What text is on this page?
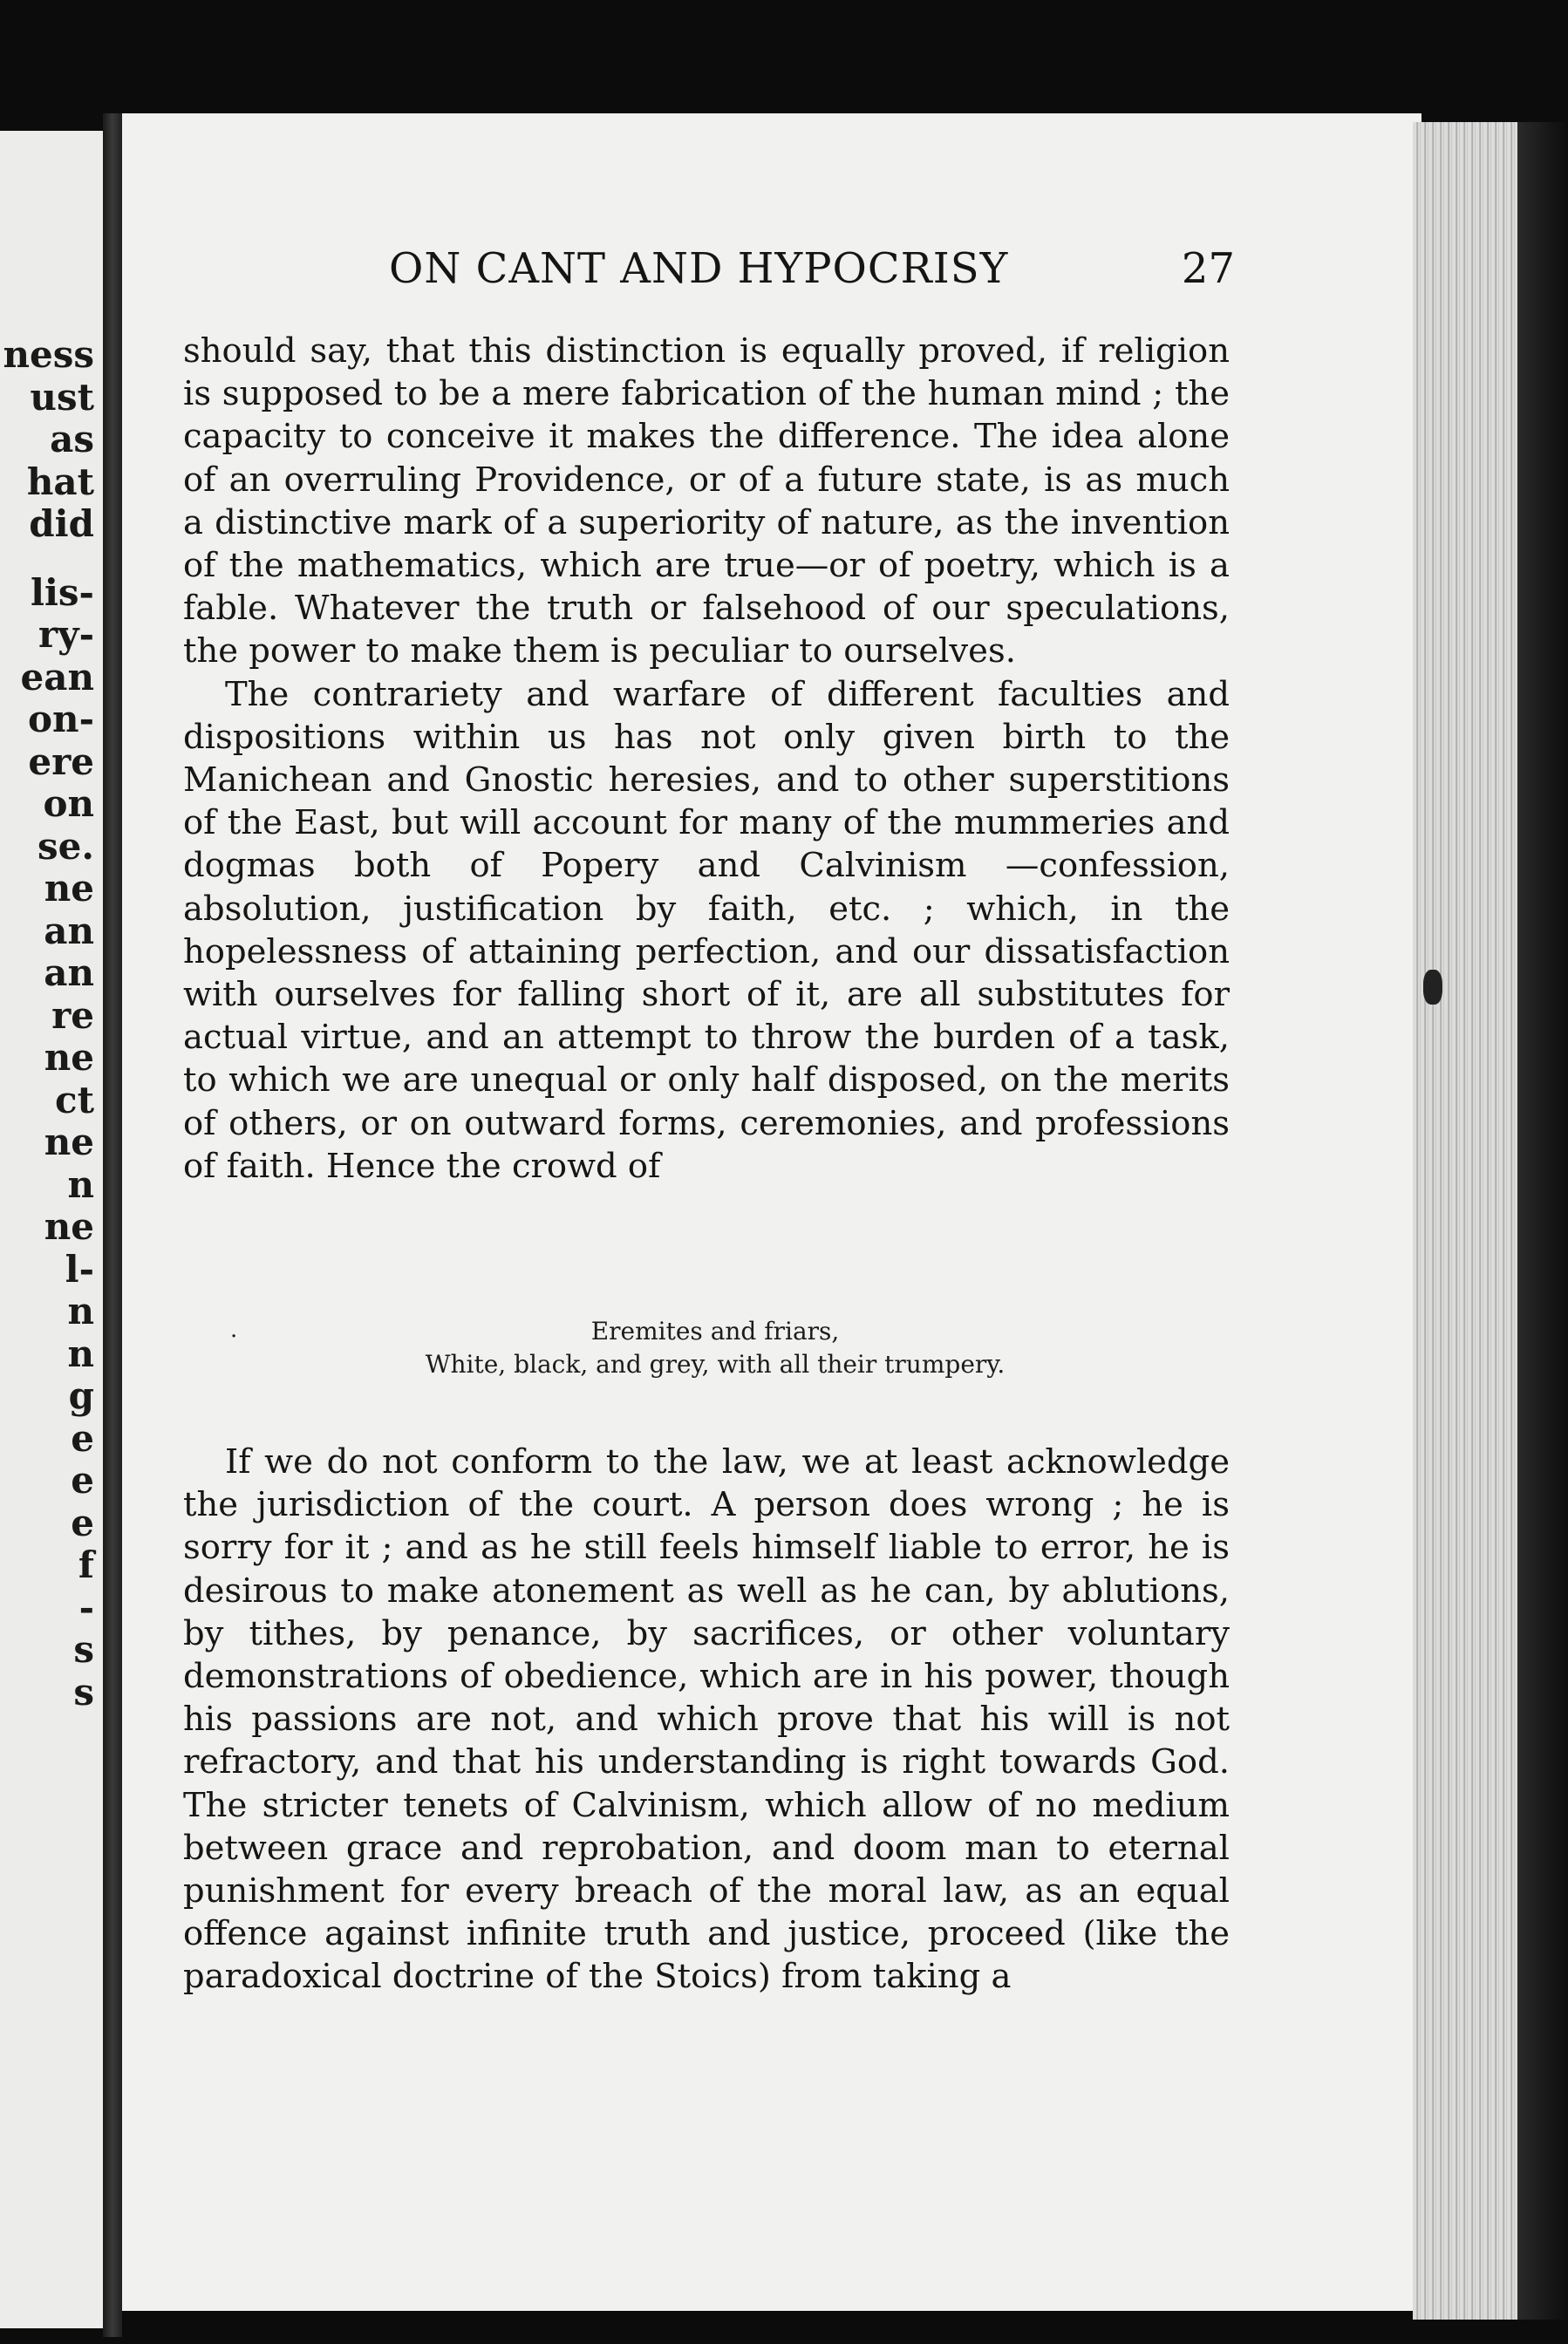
ness
ust
as
hat
did
lis-
ry-
ean
on-
ere
on
se.
ne
an
an
re
ne
ct
ne
n
ne
l-
n
n
g
e
e
e
f
-
s
s
ON CANT AND HYPOCRISY	27

should say, that this distinction is equally proved, if religion is supposed to be a mere fabrication of the human mind ; the capacity to conceive it makes the difference. The idea alone of an overruling Providence, or of a future state, is as much a distinctive mark of a superiority of nature, as the invention of the mathematics, which are true—or of poetry, which is a fable. Whatever the truth or falsehood of our speculations, the power to make them is peculiar to ourselves.

The contrariety and warfare of different faculties and dispositions within us has not only given birth to the Manichean and Gnostic heresies, and to other superstitions of the East, but will account for many of the mummeries and dogmas both of Popery and Calvinism —confession, absolution, justification by faith, etc. ; which, in the hopelessness of attaining perfection, and our dissatisfaction with ourselves for falling short of it, are all substitutes for actual virtue, and an attempt to throw the burden of a task, to which we are unequal or only half disposed, on the merits of others, or on outward forms, ceremonies, and professions of faith. Hence the crowd of

·	Eremites and friars,
White, black, and grey, with all their trumpery.

If we do not conform to the law, we at least acknowledge the jurisdiction of the court. A person does wrong ; he is sorry for it ; and as he still feels himself liable to error, he is desirous to make atonement as well as he can, by ablutions, by tithes, by penance, by sacrifices, or other voluntary demonstrations of obedience, which are in his power, though his passions are not, and which prove that his will is not refractory, and that his understanding is right towards God. The stricter tenets of Calvinism, which allow of no medium between grace and reprobation, and doom man to eternal punishment for every breach of the moral law, as an equal offence against infinite truth and justice, proceed (like the paradoxical doctrine of the Stoics) from taking a
